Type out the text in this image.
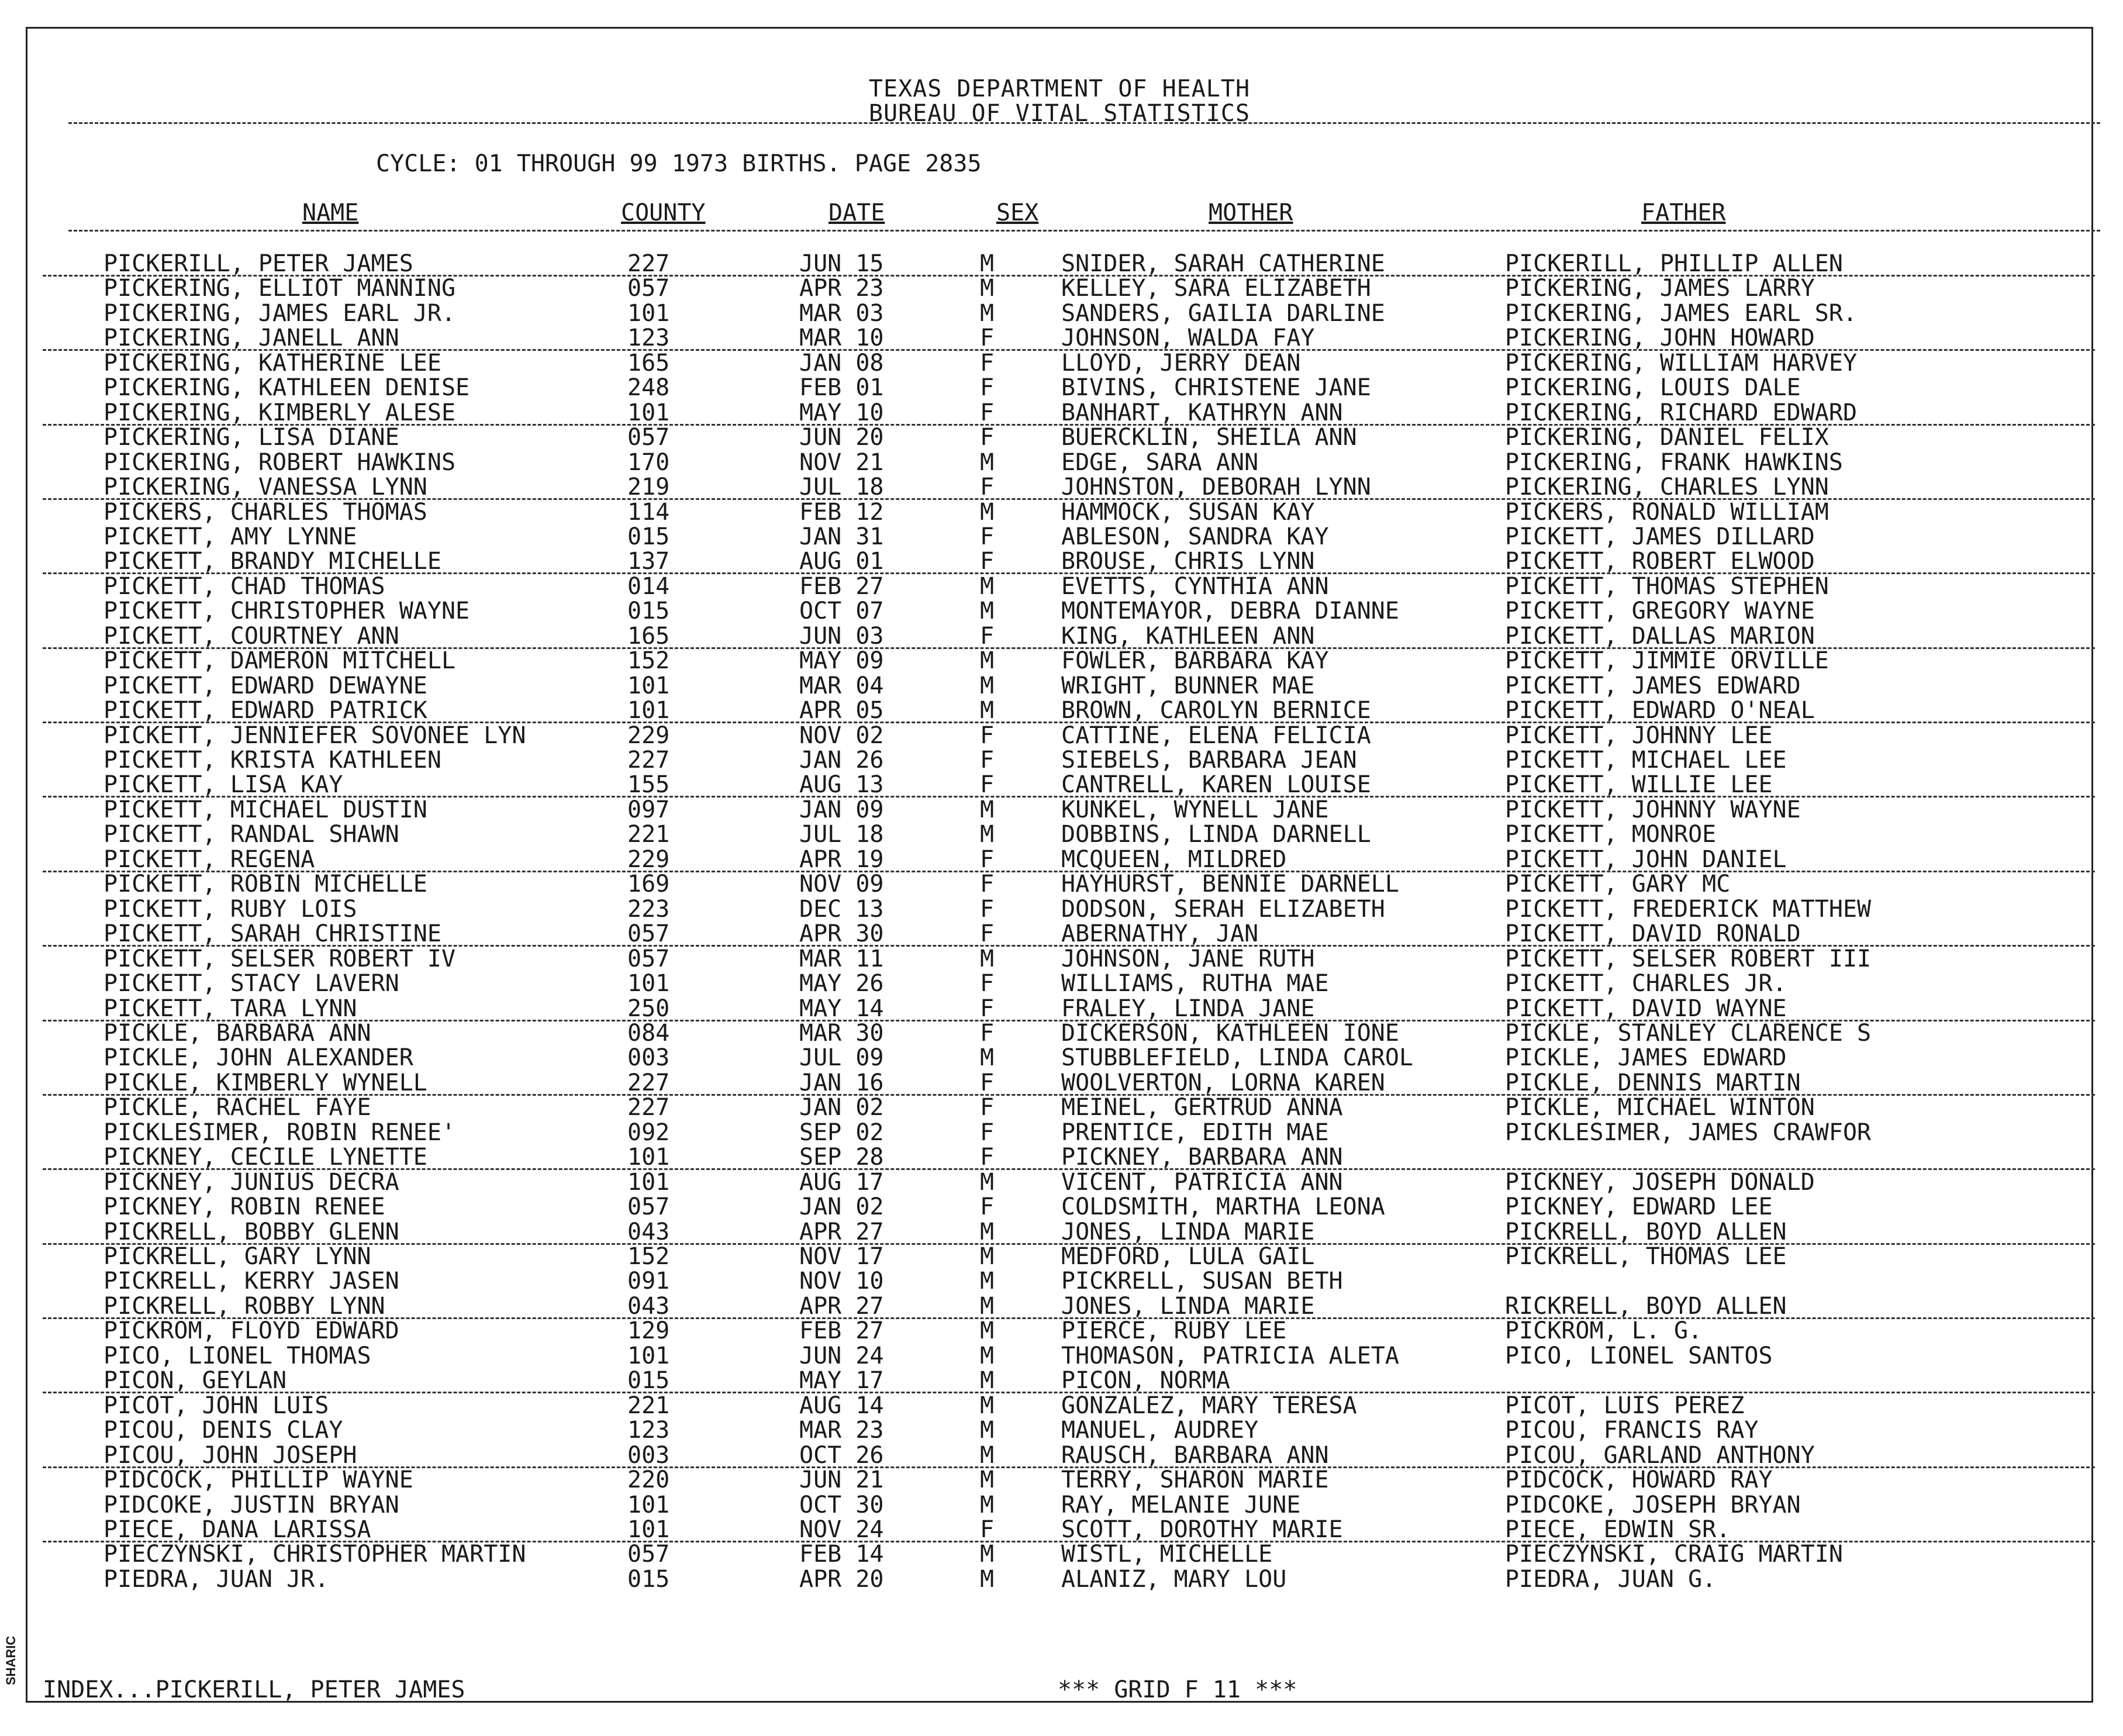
SHARIC
TEXAS DEPARTMENT OF HEALTH
BUREAU OF VITAL STATISTICS
CYCLE: 01 THROUGH 99 1973 BIRTHS. PAGE 2835
NAME	COUNTY	DATE	SEX	MOTHER	FATHER
PICKERILL, PETER JAMES	227	JUN 15	M	SNIDER, SARAH CATHERINE	PICKERILL, PHILLIP ALLEN
PICKERING, ELLIOT MANNING	057	APR 23	M	KELLEY, SARA ELIZABETH	PICKERING, JAMES LARRY
PICKERING, JAMES EARL JR.	101	MAR 03	M	SANDERS, GAILIA DARLINE	PICKERING, JAMES EARL SR.
PICKERING, JANELL ANN	123	MAR 10	F	JOHNSON, WALDA FAY	PICKERING, JOHN HOWARD
PICKERING, KATHERINE LEE	165	JAN 08	F	LLOYD, JERRY DEAN	PICKERING, WILLIAM HARVEY
PICKERING, KATHLEEN DENISE	248	FEB 01	F	BIVINS, CHRISTENE JANE	PICKERING, LOUIS DALE
PICKERING, KIMBERLY ALESE	101	MAY 10	F	BANHART, KATHRYN ANN	PICKERING, RICHARD EDWARD
PICKERING, LISA DIANE	057	JUN 20	F	BUERCKLIN, SHEILA ANN	PICKERING, DANIEL FELIX
PICKERING, ROBERT HAWKINS	170	NOV 21	M	EDGE, SARA ANN	PICKERING, FRANK HAWKINS
PICKERING, VANESSA LYNN	219	JUL 18	F	JOHNSTON, DEBORAH LYNN	PICKERING, CHARLES LYNN
PICKERS, CHARLES THOMAS	114	FEB 12	M	HAMMOCK, SUSAN KAY	PICKERS, RONALD WILLIAM
PICKETT, AMY LYNNE	015	JAN 31	F	ABLESON, SANDRA KAY	PICKETT, JAMES DILLARD
PICKETT, BRANDY MICHELLE	137	AUG 01	F	BROUSE, CHRIS LYNN	PICKETT, ROBERT ELWOOD
PICKETT, CHAD THOMAS	014	FEB 27	M	EVETTS, CYNTHIA ANN	PICKETT, THOMAS STEPHEN
PICKETT, CHRISTOPHER WAYNE	015	OCT 07	M	MONTEMAYOR, DEBRA DIANNE	PICKETT, GREGORY WAYNE
PICKETT, COURTNEY ANN	165	JUN 03	F	KING, KATHLEEN ANN	PICKETT, DALLAS MARION
PICKETT, DAMERON MITCHELL	152	MAY 09	M	FOWLER, BARBARA KAY	PICKETT, JIMMIE ORVILLE
PICKETT, EDWARD DEWAYNE	101	MAR 04	M	WRIGHT, BUNNER MAE	PICKETT, JAMES EDWARD
PICKETT, EDWARD PATRICK	101	APR 05	M	BROWN, CAROLYN BERNICE	PICKETT, EDWARD O'NEAL
PICKETT, JENNIEFER SOVONEE LYN	229	NOV 02	F	CATTINE, ELENA FELICIA	PICKETT, JOHNNY LEE
PICKETT, KRISTA KATHLEEN	227	JAN 26	F	SIEBELS, BARBARA JEAN	PICKETT, MICHAEL LEE
PICKETT, LISA KAY	155	AUG 13	F	CANTRELL, KAREN LOUISE	PICKETT, WILLIE LEE
PICKETT, MICHAEL DUSTIN	097	JAN 09	M	KUNKEL, WYNELL JANE	PICKETT, JOHNNY WAYNE
PICKETT, RANDAL SHAWN	221	JUL 18	M	DOBBINS, LINDA DARNELL	PICKETT, MONROE
PICKETT, REGENA	229	APR 19	F	MCQUEEN, MILDRED	PICKETT, JOHN DANIEL
PICKETT, ROBIN MICHELLE	169	NOV 09	F	HAYHURST, BENNIE DARNELL	PICKETT, GARY MC
PICKETT, RUBY LOIS	223	DEC 13	F	DODSON, SERAH ELIZABETH	PICKETT, FREDERICK MATTHEW
PICKETT, SARAH CHRISTINE	057	APR 30	F	ABERNATHY, JAN	PICKETT, DAVID RONALD
PICKETT, SELSER ROBERT IV	057	MAR 11	M	JOHNSON, JANE RUTH	PICKETT, SELSER ROBERT III
PICKETT, STACY LAVERN	101	MAY 26	F	WILLIAMS, RUTHA MAE	PICKETT, CHARLES JR.
PICKETT, TARA LYNN	250	MAY 14	F	FRALEY, LINDA JANE	PICKETT, DAVID WAYNE
PICKLE, BARBARA ANN	084	MAR 30	F	DICKERSON, KATHLEEN IONE	PICKLE, STANLEY CLARENCE S
PICKLE, JOHN ALEXANDER	003	JUL 09	M	STUBBLEFIELD, LINDA CAROL	PICKLE, JAMES EDWARD
PICKLE, KIMBERLY WYNELL	227	JAN 16	F	WOOLVERTON, LORNA KAREN	PICKLE, DENNIS MARTIN
PICKLE, RACHEL FAYE	227	JAN 02	F	MEINEL, GERTRUD ANNA	PICKLE, MICHAEL WINTON
PICKLESIMER, ROBIN RENEE'	092	SEP 02	F	PRENTICE, EDITH MAE	PICKLESIMER, JAMES CRAWFOR
PICKNEY, CECILE LYNETTE	101	SEP 28	F	PICKNEY, BARBARA ANN
PICKNEY, JUNIUS DECRA	101	AUG 17	M	VICENT, PATRICIA ANN	PICKNEY, JOSEPH DONALD
PICKNEY, ROBIN RENEE	057	JAN 02	F	COLDSMITH, MARTHA LEONA	PICKNEY, EDWARD LEE
PICKRELL, BOBBY GLENN	043	APR 27	M	JONES, LINDA MARIE	PICKRELL, BOYD ALLEN
PICKRELL, GARY LYNN	152	NOV 17	M	MEDFORD, LULA GAIL	PICKRELL, THOMAS LEE
PICKRELL, KERRY JASEN	091	NOV 10	M	PICKRELL, SUSAN BETH
PICKRELL, ROBBY LYNN	043	APR 27	M	JONES, LINDA MARIE	RICKRELL, BOYD ALLEN
PICKROM, FLOYD EDWARD	129	FEB 27	M	PIERCE, RUBY LEE	PICKROM, L. G.
PICO, LIONEL THOMAS	101	JUN 24	M	THOMASON, PATRICIA ALETA	PICO, LIONEL SANTOS
PICON, GEYLAN	015	MAY 17	M	PICON, NORMA
PICOT, JOHN LUIS	221	AUG 14	M	GONZALEZ, MARY TERESA	PICOT, LUIS PEREZ
PICOU, DENIS CLAY	123	MAR 23	M	MANUEL, AUDREY	PICOU, FRANCIS RAY
PICOU, JOHN JOSEPH	003	OCT 26	M	RAUSCH, BARBARA ANN	PICOU, GARLAND ANTHONY
PIDCOCK, PHILLIP WAYNE	220	JUN 21	M	TERRY, SHARON MARIE	PIDCOCK, HOWARD RAY
PIDCOKE, JUSTIN BRYAN	101	OCT 30	M	RAY, MELANIE JUNE	PIDCOKE, JOSEPH BRYAN
PIECE, DANA LARISSA	101	NOV 24	F	SCOTT, DOROTHY MARIE	PIECE, EDWIN SR.
PIECZYNSKI, CHRISTOPHER MARTIN	057	FEB 14	M	WISTL, MICHELLE	PIECZYNSKI, CRAIG MARTIN
PIEDRA, JUAN JR.	015	APR 20	M	ALANIZ, MARY LOU	PIEDRA, JUAN G.
INDEX...PICKERILL, PETER JAMES	*** GRID F 11 ***
